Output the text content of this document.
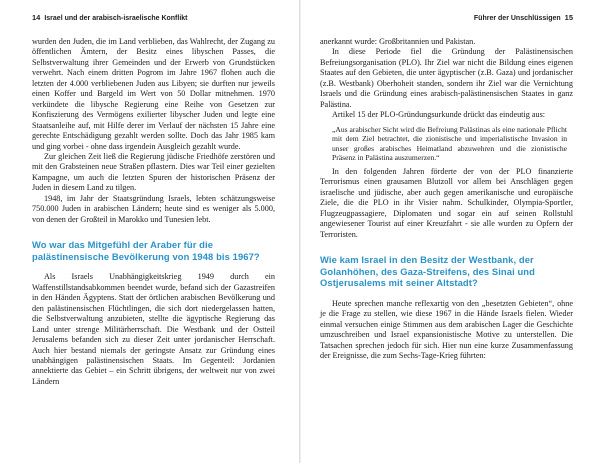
14 Israel und der arabisch-israelische Konflikt

wurden den Juden, die im Land verblieben, das Wahlrecht, der Zugang zu öffentlichen Ämtern, der Besitz eines libyschen Passes, die Selbstverwaltung ihrer Gemeinden und der Erwerb von Grundstücken verwehrt. Nach einem dritten Pogrom im Jahre 1967 flohen auch die letzten der 4.000 verbliebenen Juden aus Libyen; sie durften nur jeweils einen Koffer und Bargeld im Wert von 50 Dollar mitnehmen. 1970 verkündete die libysche Regierung eine Reihe von Gesetzen zur Konfiszierung des Vermögens exilierter libyscher Juden und legte eine Staatsanleihe auf, mit Hilfe derer im Verlauf der nächsten 15 Jahre eine gerechte Entschädigung gezahlt werden sollte. Doch das Jahr 1985 kam und ging vorbei - ohne dass irgendein Ausgleich gezahlt wurde.

Zur gleichen Zeit ließ die Regierung jüdische Friedhöfe zerstören und mit den Grabsteinen neue Straßen pflastern. Dies war Teil einer gezielten Kampagne, um auch die letzten Spuren der historischen Präsenz der Juden in diesem Land zu tilgen.

1948, im Jahr der Staatsgründung Israels, lebten schätzungsweise 750.000 Juden in arabischen Ländern; heute sind es weniger als 5.000, von denen der Großteil in Marokko und Tunesien lebt.

Wo war das Mitgefühl der Araber für die palästinensische Bevölkerung von 1948 bis 1967?

Als Israels Unabhängigkeitskrieg 1949 durch ein Waffenstillstandsabkommen beendet wurde, befand sich der Gazastreifen in den Händen Ägyptens. Statt der örtlichen arabischen Bevölkerung und den palästinensischen Flüchtlingen, die sich dort niedergelassen hatten, die Selbstverwaltung anzubieten, stellte die ägyptische Regierung das Land unter strenge Militärherrschaft. Die Westbank und der Ostteil Jerusalems befanden sich zu dieser Zeit unter jordanischer Herrschaft. Auch hier bestand niemals der geringste Ansatz zur Gründung eines unabhängigen palästinensischen Staats. Im Gegenteil: Jordanien annektierte das Gebiet – ein Schritt übrigens, der weltweit nur von zwei Ländern

Führer der Unschlüssigen 15

anerkannt wurde: Großbritannien und Pakistan.

In diese Periode fiel die Gründung der Palästinensischen Befreiungsorganisation (PLO). Ihr Ziel war nicht die Bildung eines eigenen Staates auf den Gebieten, die unter ägyptischer (z.B. Gaza) und jordanischer (z.B. Westbank) Oberhoheit standen, sondern ihr Ziel war die Vernichtung Israels und die Gründung eines arabisch-palästinensischen Staates in ganz Palästina.

Artikel 15 der PLO-Gründungsurkunde drückt das eindeutig aus:

„Aus arabischer Sicht wird die Befreiung Palästinas als eine nationale Pflicht mit dem Ziel betrachtet, die zionistische und imperialistische Invasion in unser großes arabisches Heimatland abzuwehren und die zionistische Präsenz in Palästina auszumerzen.“

In den folgenden Jahren förderte der von der PLO finanzierte Terrorismus einen grausamen Blutzoll vor allem bei Anschlägen gegen israelische und jüdische, aber auch gegen amerikanische und europäische Ziele, die die PLO in ihr Visier nahm. Schulkinder, Olympia-Sportler, Flugzeugpassagiere, Diplomaten und sogar ein auf seinen Rollstuhl angewiesener Tourist auf einer Kreuzfahrt - sie alle wurden zu Opfern der Terroristen.

Wie kam Israel in den Besitz der Westbank, der Golanhöhen, des Gaza-Streifens, des Sinai und Ostjerusalems mit seiner Altstadt?

Heute sprechen manche reflexartig von den „besetzten Gebieten“, ohne je die Frage zu stellen, wie diese 1967 in die Hände Israels fielen. Wieder einmal versuchen einige Stimmen aus dem arabischen Lager die Geschichte umzuschreiben und Israel expansionistische Motive zu unterstellen. Die Tatsachen sprechen jedoch für sich. Hier nun eine kurze Zusammenfassung der Ereignisse, die zum Sechs-Tage-Krieg führten:
